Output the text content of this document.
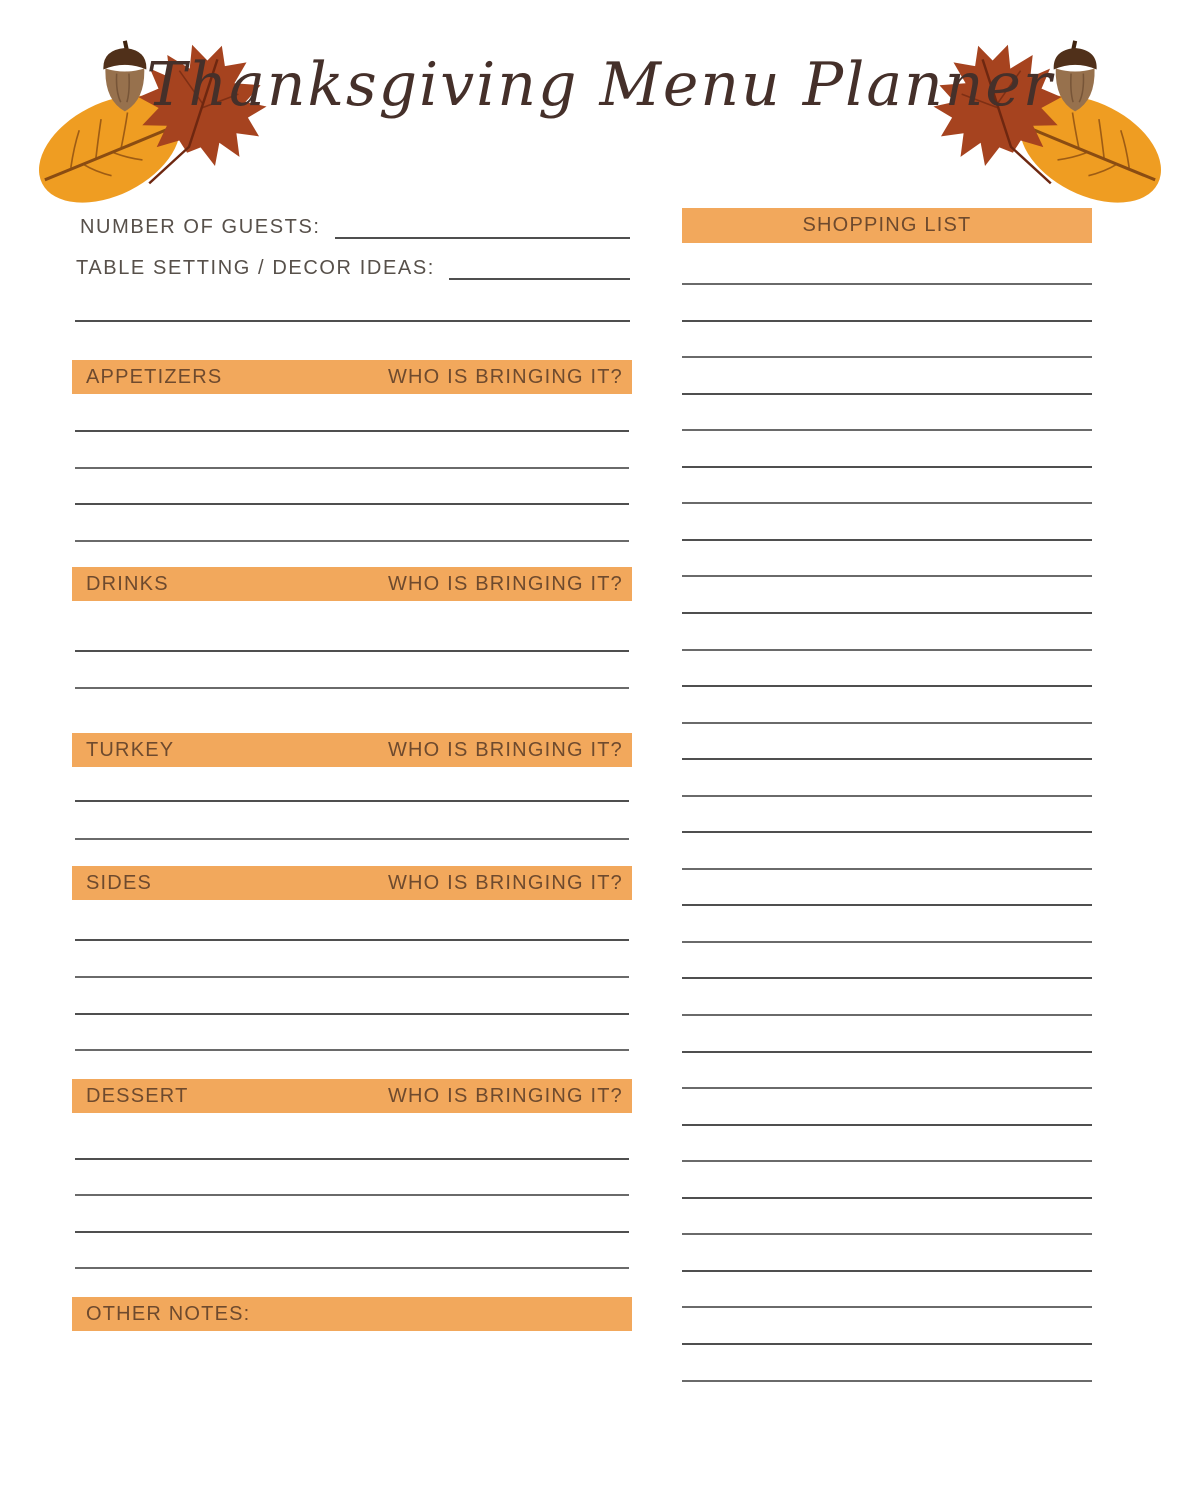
Thanksgiving Menu Planner
NUMBER OF GUESTS:
TABLE SETTING / DECOR IDEAS:
APPETIZERS	WHO IS BRINGING IT?
DRINKS	WHO IS BRINGING IT?
TURKEY	WHO IS BRINGING IT?
SIDES	WHO IS BRINGING IT?
DESSERT	WHO IS BRINGING IT?
OTHER NOTES:
SHOPPING LIST
